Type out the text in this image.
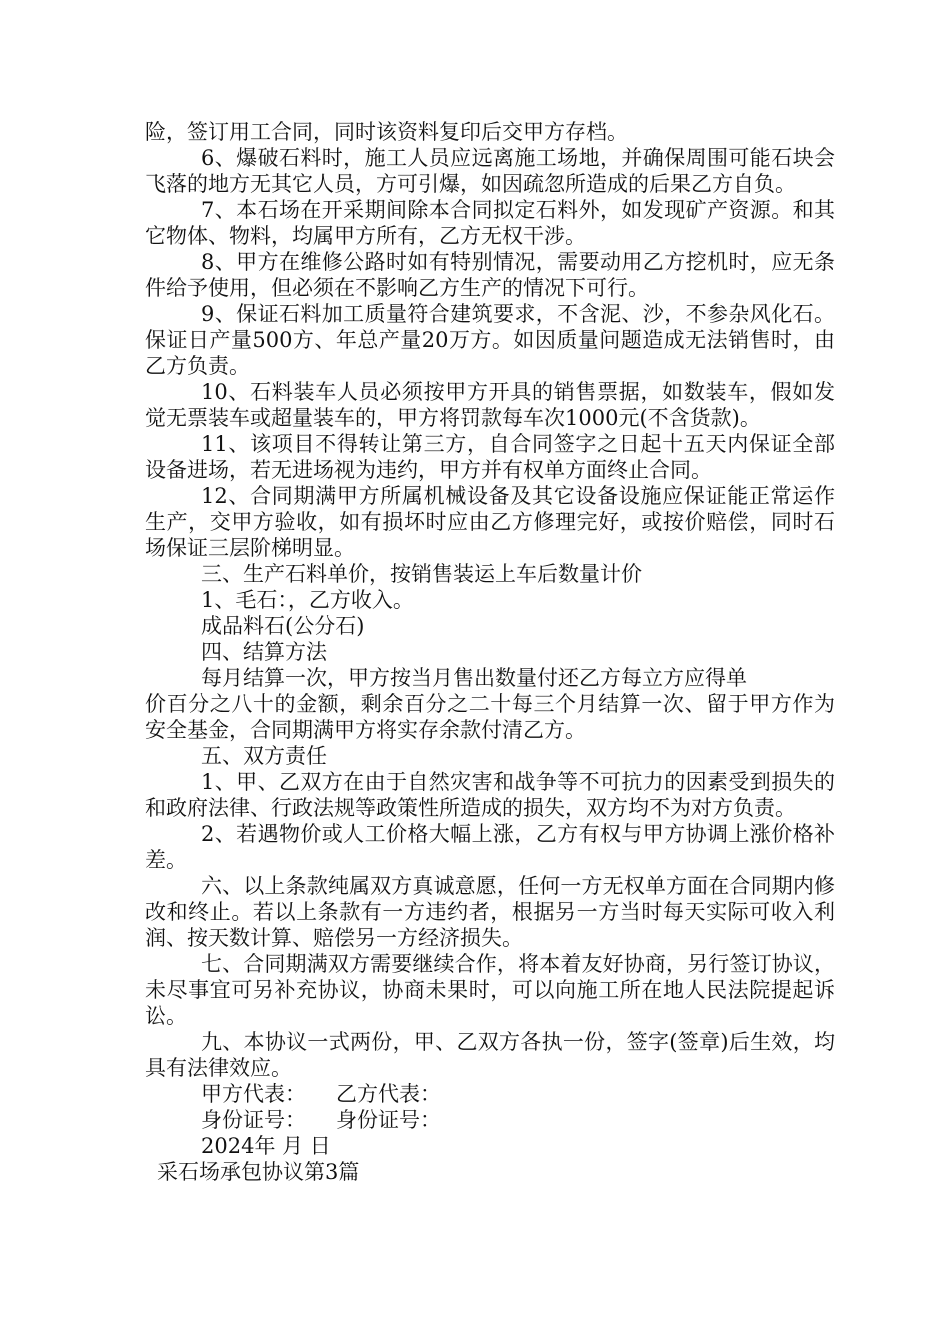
险，签订用工合同，同时该资料复印后交甲方存档。

6、爆破石料时，施工人员应远离施工场地，并确保周围可能石块会飞落的地方无其它人员，方可引爆，如因疏忽所造成的后果乙方自负。

7、本石场在开采期间除本合同拟定石料外，如发现矿产资源。和其它物体、物料，均属甲方所有，乙方无权干涉。

8、甲方在维修公路时如有特别情况，需要动用乙方挖机时，应无条件给予使用，但必须在不影响乙方生产的情况下可行。

9、保证石料加工质量符合建筑要求，不含泥、沙，不参杂风化石。保证日产量500方、年总产量20万方。如因质量问题造成无法销售时，由乙方负责。

10、石料装车人员必须按甲方开具的销售票据，如数装车，假如发觉无票装车或超量装车的，甲方将罚款每车次1000元(不含货款)。

11、该项目不得转让第三方，自合同签字之日起十五天内保证全部设备进场，若无进场视为违约，甲方并有权单方面终止合同。

12、合同期满甲方所属机械设备及其它设备设施应保证能正常运作生产，交甲方验收，如有损坏时应由乙方修理完好，或按价赔偿，同时石场保证三层阶梯明显。

三、生产石料单价，按销售装运上车后数量计价

1、毛石：，乙方收入。

成品料石(公分石)

四、结算方法

每月结算一次，甲方按当月售出数量付还乙方每立方应得单

价百分之八十的金额，剩余百分之二十每三个月结算一次、留于甲方作为安全基金，合同期满甲方将实存余款付清乙方。

五、双方责任

1、甲、乙双方在由于自然灾害和战争等不可抗力的因素受到损失的和政府法律、行政法规等政策性所造成的损失，双方均不为对方负责。

2、若遇物价或人工价格大幅上涨，乙方有权与甲方协调上涨价格补差。

六、以上条款纯属双方真诚意愿，任何一方无权单方面在合同期内修改和终止。若以上条款有一方违约者，根据另一方当时每天实际可收入利润、按天数计算、赔偿另一方经济损失。

七、合同期满双方需要继续合作，将本着友好协商，另行签订协议，未尽事宜可另补充协议，协商未果时，可以向施工所在地人民法院提起诉讼。

九、本协议一式两份，甲、乙双方各执一份，签字(签章)后生效，均具有法律效应。

甲方代表： 乙方代表：

身份证号： 身份证号：

2024年 月 日

采石场承包协议第3篇
